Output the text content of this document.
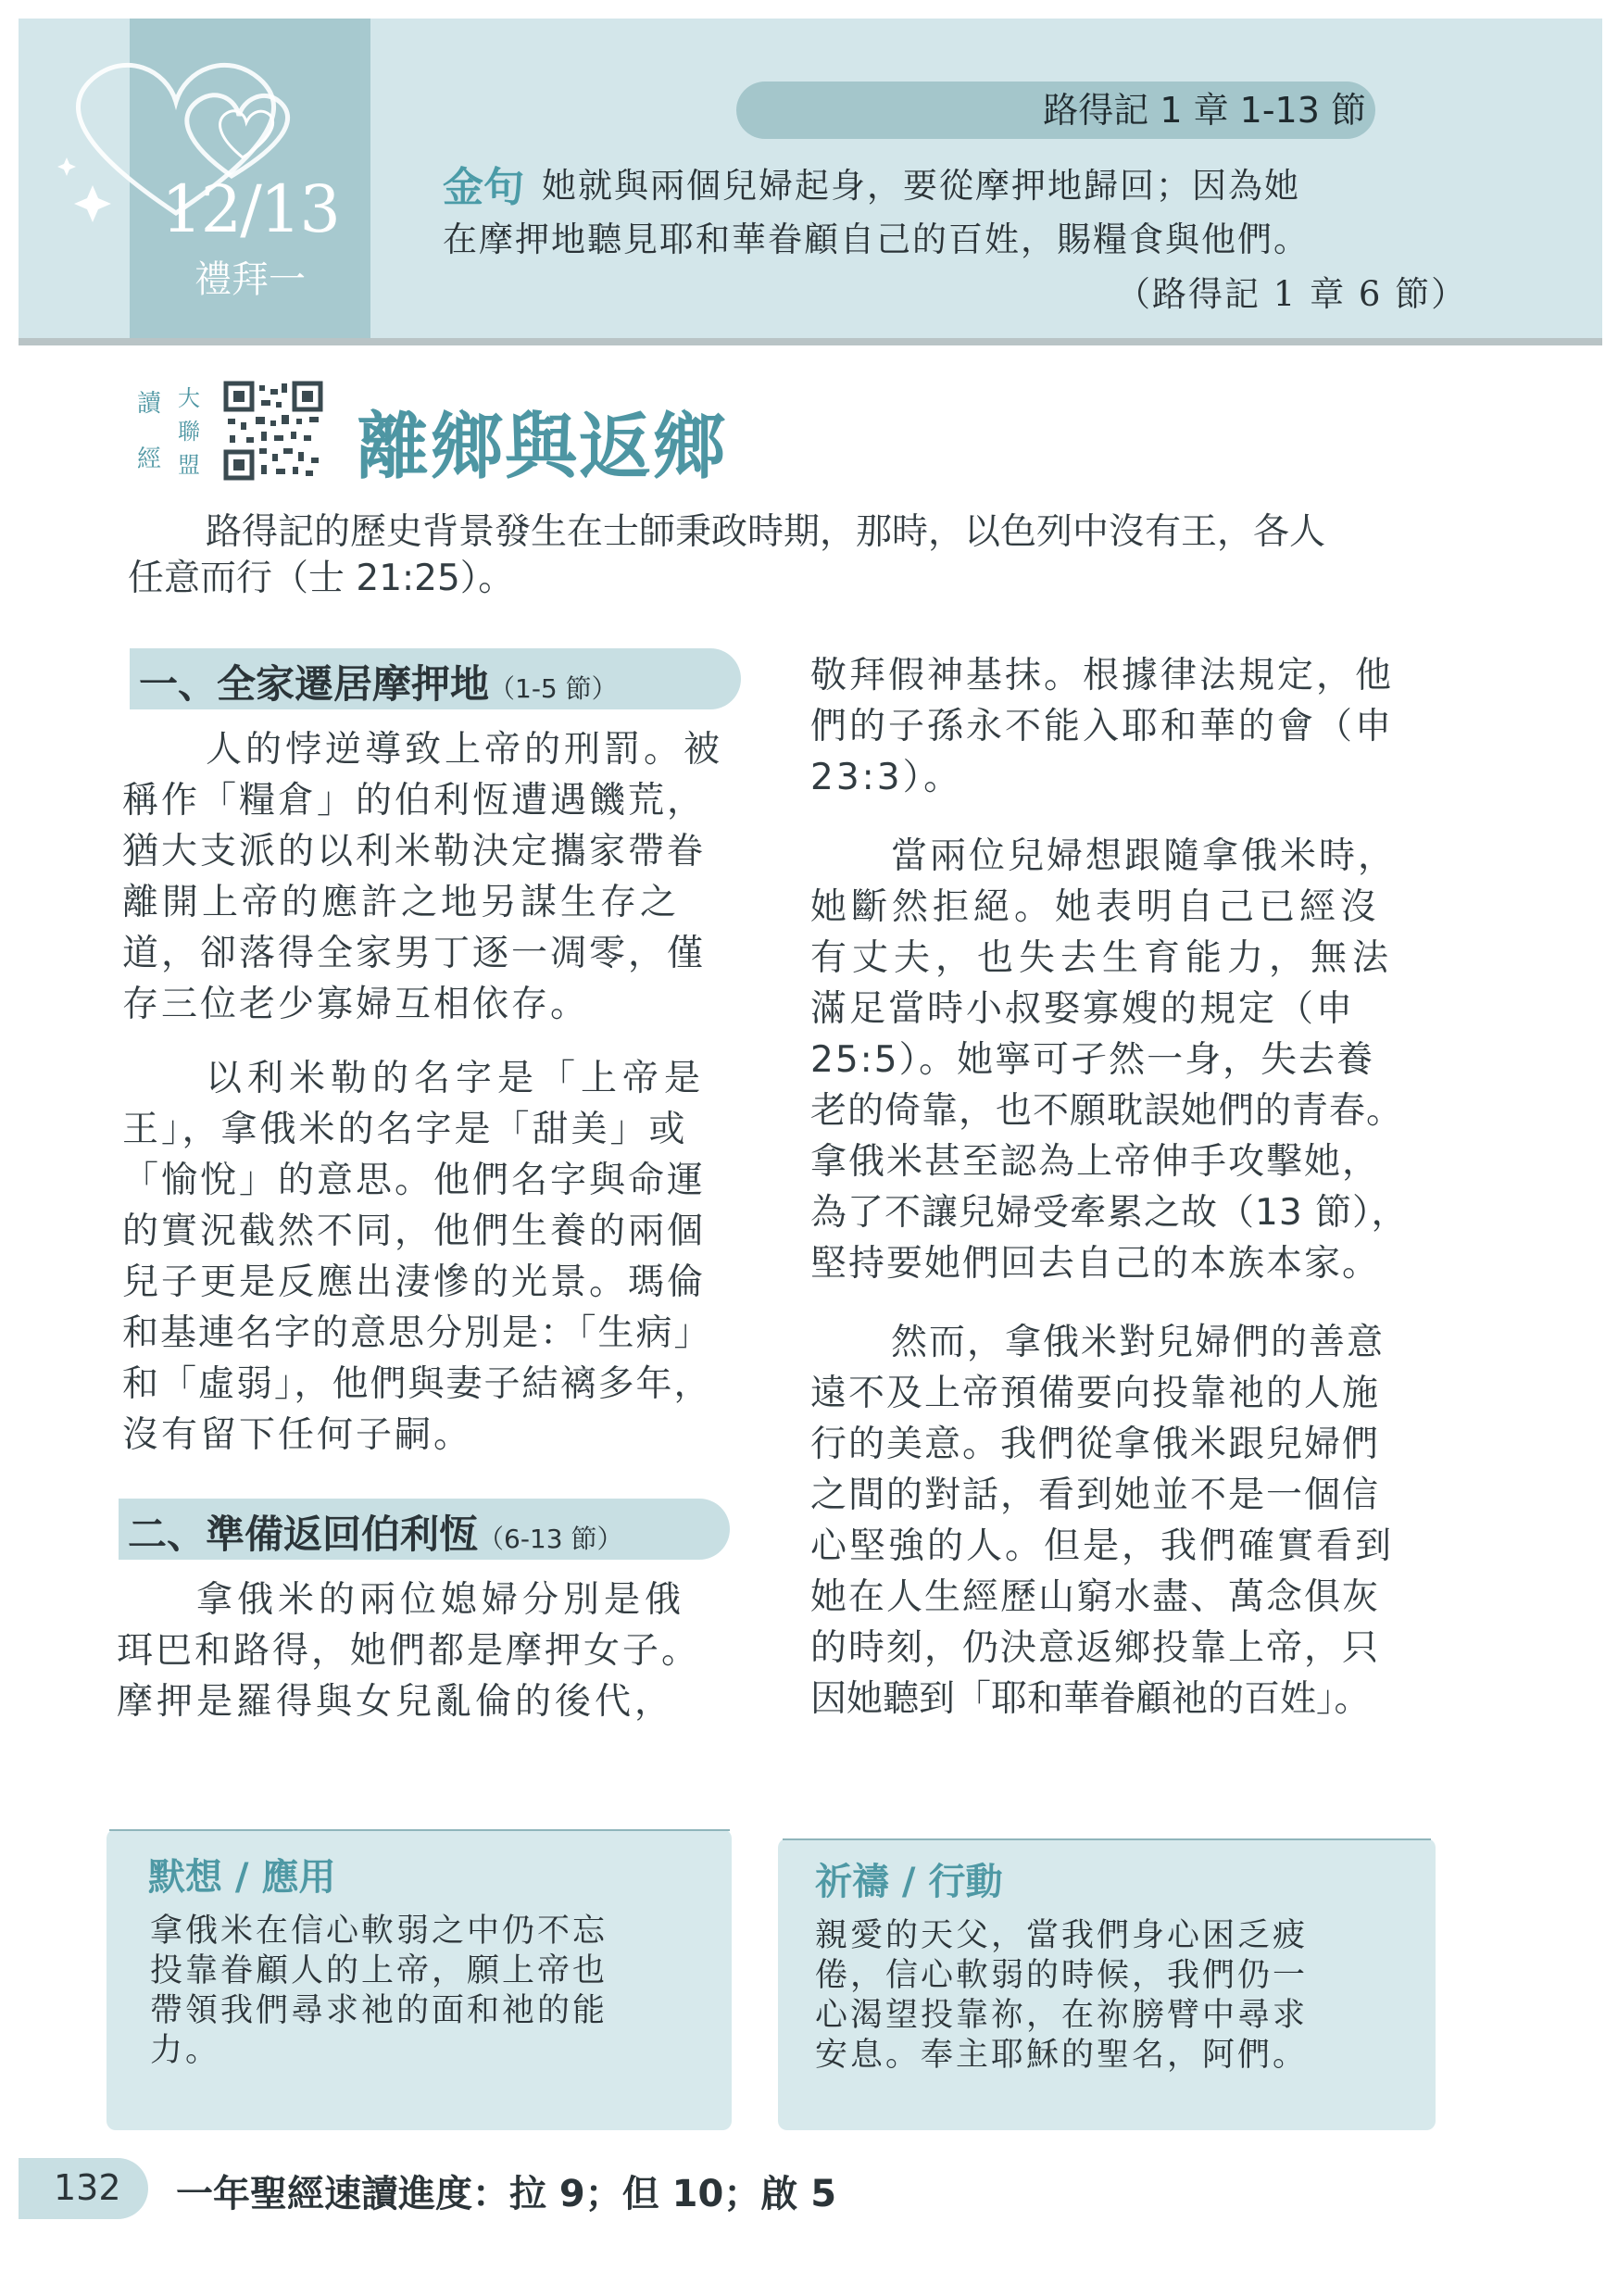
12/13
禮拜一
路得記 1 章 1-13 節
金句 她就與兩個兒婦起身，要從摩押地歸回；因為她
在摩押地聽見耶和華眷顧自己的百姓，賜糧食與他們。
（路得記 1 章 6 節）
讀
經
大
聯
盟 離鄉與返鄉
路得記的歷史背景發生在士師秉政時期，那時，以色列中沒有王，各人
任意而行（士 21:25）。
一、全家遷居摩押地（1-5 節）
人的悖逆導致上帝的刑罰。被
稱作「糧倉」的伯利恆遭遇饑荒，
猶大支派的以利米勒決定攜家帶眷
離開上帝的應許之地另謀生存之
道，卻落得全家男丁逐一凋零，僅
存三位老少寡婦互相依存。
以利米勒的名字是「上帝是
王」，拿俄米的名字是「甜美」或
「愉悅」的意思。他們名字與命運
的實況截然不同，他們生養的兩個
兒子更是反應出淒慘的光景。瑪倫
和基連名字的意思分別是：「生病」
和「虛弱」，他們與妻子結褵多年，
沒有留下任何子嗣。
二、準備返回伯利恆（6-13 節）
拿俄米的兩位媳婦分別是俄
珥巴和路得，她們都是摩押女子。
摩押是羅得與女兒亂倫的後代，
敬拜假神基抹。根據律法規定，他
們的子孫永不能入耶和華的會（申
23:3）。
當兩位兒婦想跟隨拿俄米時，
她斷然拒絕。她表明自己已經沒
有丈夫，也失去生育能力，無法
滿足當時小叔娶寡嫂的規定（申
25:5）。她寧可孑然一身，失去養
老的倚靠，也不願耽誤她們的青春。
拿俄米甚至認為上帝伸手攻擊她，
為了不讓兒婦受牽累之故（13 節），
堅持要她們回去自己的本族本家。
然而，拿俄米對兒婦們的善意
遠不及上帝預備要向投靠祂的人施
行的美意。我們從拿俄米跟兒婦們
之間的對話，看到她並不是一個信
心堅強的人。但是，我們確實看到
她在人生經歷山窮水盡、萬念俱灰
的時刻，仍決意返鄉投靠上帝，只
因她聽到「耶和華眷顧祂的百姓」。
默想 / 應用
拿俄米在信心軟弱之中仍不忘
投靠眷顧人的上帝，願上帝也
帶領我們尋求祂的面和祂的能
力。
祈禱 / 行動
親愛的天父，當我們身心困乏疲
倦，信心軟弱的時候，我們仍一
心渴望投靠祢，在祢膀臂中尋求
安息。奉主耶穌的聖名，阿們。
132 一年聖經速讀進度：拉 9；但 10；啟 5
